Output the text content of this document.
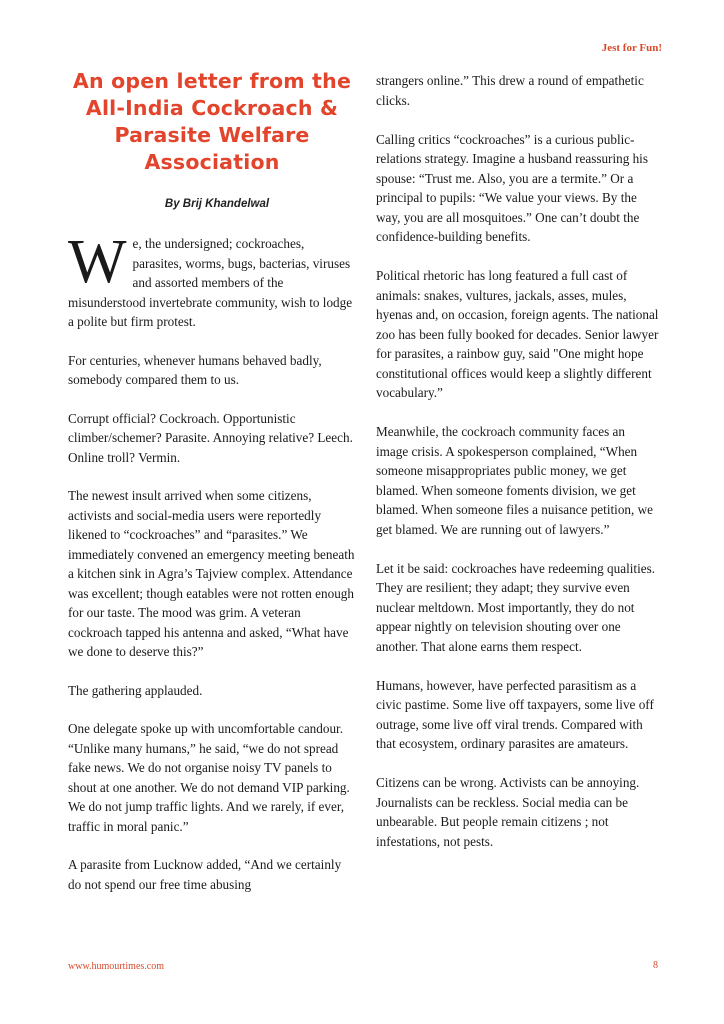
Jest for Fun!
An open letter from the All-India Cockroach & Parasite Welfare Association
By Brij Khandelwal

We, the undersigned; cockroaches, parasites, worms, bugs, bacterias, viruses and assorted members of the misunderstood invertebrate community, wish to lodge a polite but firm protest.

For centuries, whenever humans behaved badly, somebody compared them to us.

Corrupt official? Cockroach. Opportunistic climber/schemer? Parasite. Annoying relative? Leech. Online troll? Vermin.

The newest insult arrived when some citizens, activists and social-media users were reportedly likened to “cockroaches” and “parasites.” We immediately convened an emergency meeting beneath a kitchen sink in Agra’s Tajview complex. Attendance was excellent; though eatables were not rotten enough for our taste. The mood was grim. A veteran cockroach tapped his antenna and asked, “What have we done to deserve this?”

The gathering applauded.

One delegate spoke up with uncomfortable candour. “Unlike many humans,” he said, “we do not spread fake news. We do not organise noisy TV panels to shout at one another. We do not demand VIP parking. We do not jump traffic lights. And we rarely, if ever, traffic in moral panic.”

A parasite from Lucknow added, “And we certainly do not spend our free time abusing

strangers online.” This drew a round of empathetic clicks.

Calling critics “cockroaches” is a curious public-relations strategy. Imagine a husband reassuring his spouse: “Trust me. Also, you are a termite.” Or a principal to pupils: “We value your views. By the way, you are all mosquitoes.” One can’t doubt the confidence-building benefits.

Political rhetoric has long featured a full cast of animals: snakes, vultures, jackals, asses, mules, hyenas and, on occasion, foreign agents. The national zoo has been fully booked for decades. Senior lawyer for parasites, a rainbow guy, said "One might hope constitutional offices would keep a slightly different vocabulary.”

Meanwhile, the cockroach community faces an image crisis. A spokesperson complained, “When someone misappropriates public money, we get blamed. When someone foments division, we get blamed. When someone files a nuisance petition, we get blamed. We are running out of lawyers.”

Let it be said: cockroaches have redeeming qualities. They are resilient; they adapt; they survive even nuclear meltdown. Most importantly, they do not appear nightly on television shouting over one another. That alone earns them respect.

Humans, however, have perfected parasitism as a civic pastime. Some live off taxpayers, some live off outrage, some live off viral trends. Compared with that ecosystem, ordinary parasites are amateurs.

Citizens can be wrong. Activists can be annoying. Journalists can be reckless. Social media can be unbearable. But people remain citizens ; not infestations, not pests.

www.humourtimes.com	8
